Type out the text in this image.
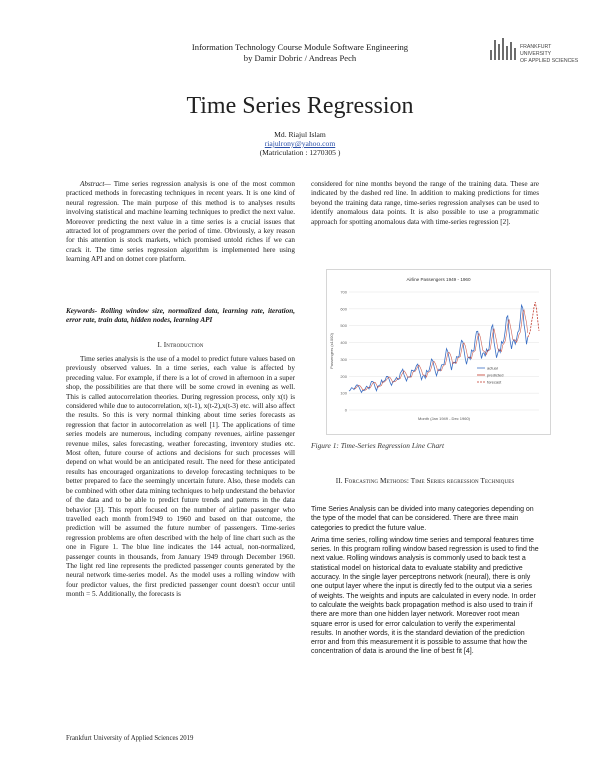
Information Technology Course Module Software Engineering
by Damir Dobric / Andreas Pech
FRANKFURT
UNIVERSITY
OF APPLIED SCIENCES
Time Series Regression
Md. Riajul Islam
riajulrony@yahoo.com
(Matriculation : 1270305 )

Abstract— Time series regression analysis is one of the most common practiced methods in forecasting techniques in recent years. It is one kind of neural regression. The main purpose of this method is to analyses results involving statistical and machine learning techniques to predict the next value. Moreover predicting the next value in a time series is a crucial issues that attracted lot of programmers over the period of time. Obviously, a key reason for this attention is stock markets, which promised untold riches if we can crack it. The time series regression algorithm is implemented here using learning API and on dotnet core platform.

Keywords- Rolling window size, normalized data, learning rate, iteration, error rate, train data, hidden nodes, learning API
I. Introduction

Time series analysis is the use of a model to predict future values based on previously observed values. In a time series, each value is affected by preceding value. For example, if there is a lot of crowd in afternoon in a super shop, the possibilities are that there will be some crowd in evening as well. This is called autocorrelation theories. During regression process, only x(t) is considered while due to autocorrelation, x(t-1), x(t-2),x(t-3) etc. will also affect the results. So this is very normal thinking about time series forecasts as regression that factor in autocorrelation as well [1]. The applications of time series models are numerous, including company revenues, airline passenger revenue miles, sales forecasting, weather forecasting, inventory studies etc. Most often, future course of actions and decisions for such processes will depend on what would be an anticipated result. The need for these anticipated results has encouraged organizations to develop forecasting techniques to be better prepared to face the seemingly uncertain future. Also, these models can be combined with other data mining techniques to help understand the behavior of the data and to be able to predict future trends and patterns in the data behavior [3]. This report focused on the number of airline passenger who travelled each month from1949 to 1960 and based on that outcome, the prediction will be assumed the future number of passengers. Time-series regression problems are often described with the help of line chart such as the one in Figure 1. The blue line indicates the 144 actual, non-normalized, passenger counts in thousands, from January 1949 through December 1960. The light red line represents the predicted passenger counts generated by the neural network time-series model. As the model uses a rolling window with four predictor values, the first predicted passenger count doesn't occur until month = 5. Additionally, the forecasts is

considered for nine months beyond the range of the training data. These are indicated by the dashed red line. In addition to making predictions for times beyond the training data range, time-series regression analyses can be used to identify anomalous data points. It is also possible to use a programmatic approach for spotting anomalous data with time-series regression [2].
Airline Passengers 1949 - 1960
700
600
500
400
300
200
100
0
Passengers (x1000)
Month (Jan 1949 - Dec 1960)
actual
predicted
forecast
Figure 1: Time-Series Regression Line Chart
II. Forcasting Methods: Time Series regression Techniques

Time Series Analysis can be divided into many categories depending on the type of the model that can be considered. There are three main categories to predict the future value.

Arima time series, rolling window time series and temporal features time series. In this program rolling window based regression is used to find the next value. Rolling windows analysis is commonly used to back test a statistical model on historical data to evaluate stability and predictive accuracy. In the single layer perceptrons network (neural), there is only one output layer where the input is directly fed to the output via a series of weights. The weights and inputs are calculated in every node. In order to calculate the weights back propagation method is also used to train if there are more than one hidden layer network. Moreover root mean square error is used for error calculation to verify the experimental results. In another words, it is the standard deviation of the prediction error and from this measurement it is possible to assume that how the concentration of data is around the line of best fit [4].

Frankfurt University of Applied Sciences 2019
